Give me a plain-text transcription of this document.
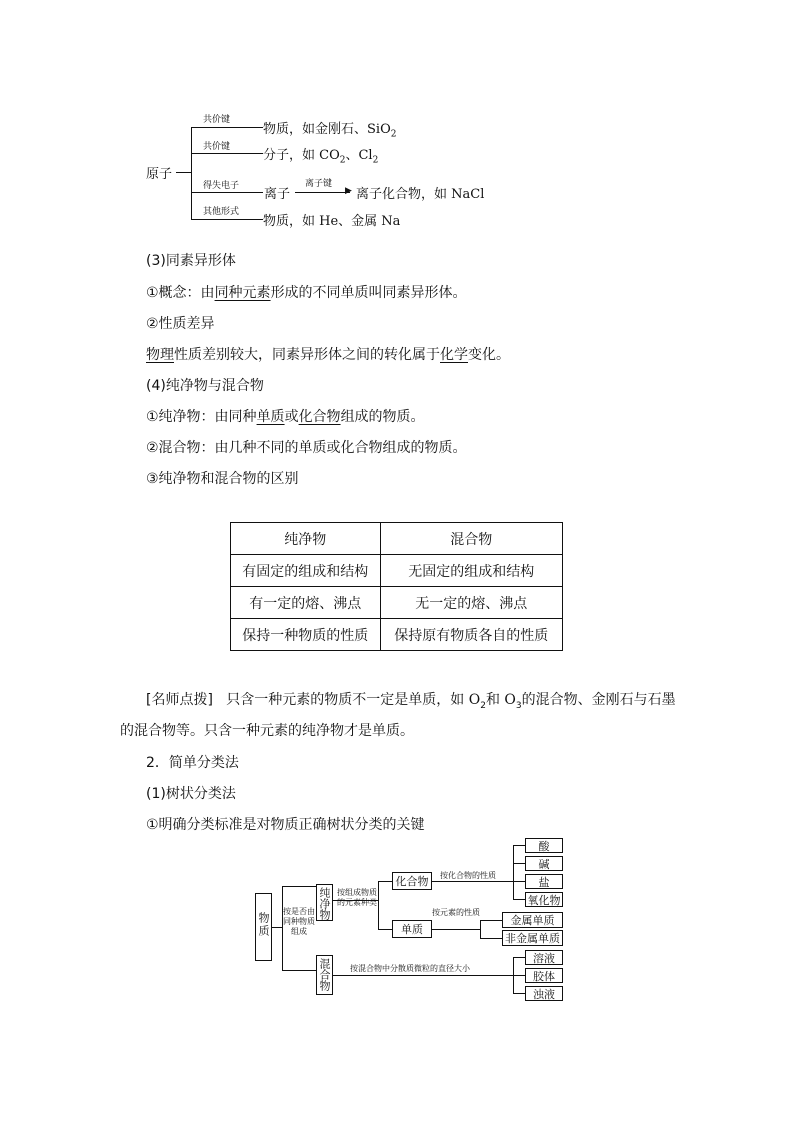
原子
共价键
物质，如金刚石、SiO$_2$
共价键
分子，如 $CO_2$、$Cl_2$
得失电子
离子	▶
离子键
离子化合物，如 NaCl
其他形式
物质，如 He、金属 Na
(3)同素异形体
①概念：由同种元素形成的不同单质叫同素异形体。
②性质差异
物理性质差别较大，同素异形体之间的转化属于化学变化。
(4)纯净物与混合物
①纯净物：由同种单质或化合物组成的物质。
②混合物：由几种不同的单质或化合物组成的物质。
③纯净物和混合物的区别
纯净物	混合物
有固定的组成和结构	无固定的组成和结构
有一定的熔、沸点	无一定的熔、沸点
保持一种物质的性质	保持原有物质各自的性质
[名师点拨] 只含一种元素的物质不一定是单质，如 $O_2$和 $O_3$的混合物、金刚石与石墨
的混合物等。只含一种元素的纯净物才是单质。
2．简单分类法
(1)树状分类法
①明确分类标准是对物质正确树状分类的关键
物质
按是否由同种物质组成
纯净物 按组成物质的元素种类
化合物	按化合物的性质
酸
碱
盐
氧化物
单质
按元素的性质
金属单质
非金属单质
混合物 按混合物中分散质微粒的直径大小
溶液
胶体
浊液
